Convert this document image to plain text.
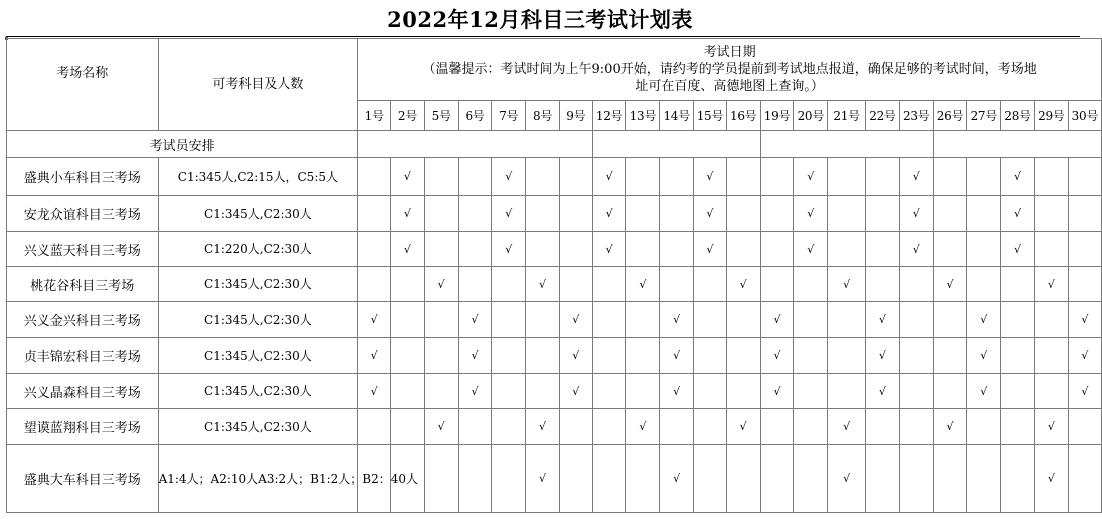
2022年12月科目三考试计划表
考场名称	可考科目及人数	考试日期
（温馨提示：考试时间为上午9:00开始，请约考的学员提前到考试地点报道，确保足够的考试时间，考场地
址可在百度、高德地图上查询。）																					

		1号	2号	5号	6号	7号	8号	9号	12号	13号	14号	15号	16号	19号	20号	21号	22号	23号	26号	27号	28号	29号	30号
考试员安排																							
盛典小车科目三考场	C1:345人,C2:15人，C5:5人		√			√			√			√			√			√			√		
安龙众谊科目三考场	C1:345人,C2:30人		√			√			√			√			√			√			√		
兴义蓝天科目三考场	C1:220人,C2:30人		√			√			√			√			√			√			√		
桃花谷科目三考场	C1:345人,C2:30人			√			√			√			√			√			√			√	
兴义金兴科目三考场	C1:345人,C2:30人	√			√			√			√			√			√			√			√
贞丰锦宏科目三考场	C1:345人,C2:30人	√			√			√			√			√			√			√			√
兴义晶森科目三考场	C1:345人,C2:30人	√			√			√			√			√			√			√			√
望谟蓝翔科目三考场	C1:345人,C2:30人			√			√			√			√			√			√			√	
盛典大车科目三考场	A1:4人；A2:10人A3:2人；B1:2人；B2：40人						√				√					√						√	
